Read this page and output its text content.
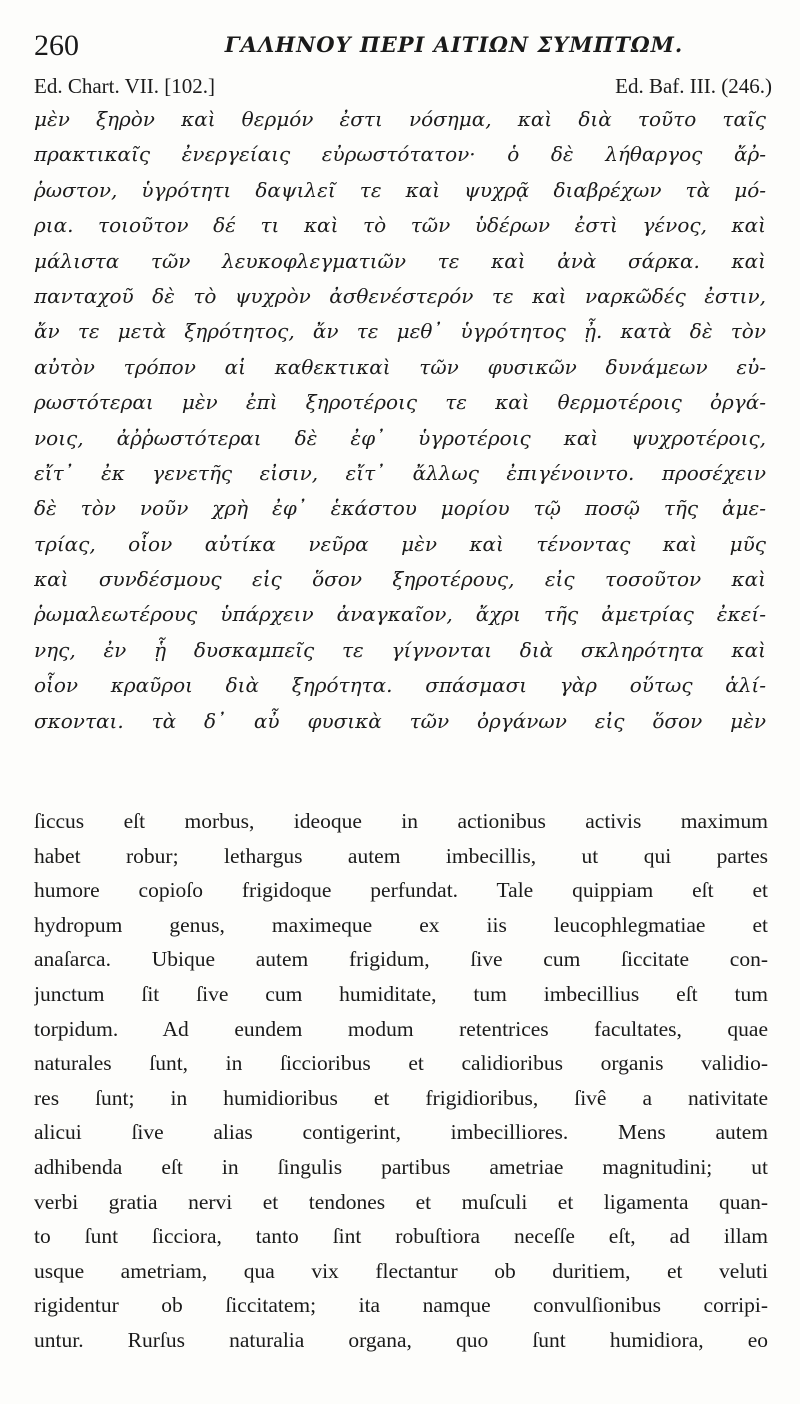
260	ΓΑΛΗΝΟΥ ΠΕΡΙ ΑΙΤΙΩΝ ΣΥΜΠΤΩΜ.
Ed. Chart. VII. [102.]	Ed. Baf. III. (246.)
μὲν ξηρὸν καὶ θερμόν ἐστι νόσημα, καὶ διὰ τοῦτο ταῖς
πρακτικαῖς ἐνεργείαις εὐρωστότατον· ὁ δὲ λήθαργος ἄῤ-
ῥωστον, ὑγρότητι δαψιλεῖ τε καὶ ψυχρᾷ διαβρέχων τὰ μό-
ρια. τοιοῦτον δέ τι καὶ τὸ τῶν ὑδέρων ἐστὶ γένος, καὶ
μάλιστα τῶν λευκοφλεγματιῶν τε καὶ ἀνὰ σάρκα. καὶ
πανταχοῦ δὲ τὸ ψυχρὸν ἀσθενέστερόν τε καὶ ναρκῶδές ἐστιν,
ἄν τε μετὰ ξηρότητος, ἄν τε μεθ᾽ ὑγρότητος ᾖ. κατὰ δὲ τὸν
αὐτὸν τρόπον αἱ καθεκτικαὶ τῶν φυσικῶν δυνάμεων εὐ-
ρωστότεραι μὲν ἐπὶ ξηροτέροις τε καὶ θερμοτέροις ὀργά-
νοις, ἀῤῥωστότεραι δὲ ἐφ᾽ ὑγροτέροις καὶ ψυχροτέροις,
εἴτ᾽ ἐκ γενετῆς εἰσιν, εἴτ᾽ ἄλλως ἐπιγένοιντο. προσέχειν
δὲ τὸν νοῦν χρὴ ἐφ᾽ ἑκάστου μορίου τῷ ποσῷ τῆς ἀμε-
τρίας, οἷον αὐτίκα νεῦρα μὲν καὶ τένοντας καὶ μῦς
καὶ συνδέσμους εἰς ὅσον ξηροτέρους, εἰς τοσοῦτον καὶ
ῥωμαλεωτέρους ὑπάρχειν ἀναγκαῖον, ἄχρι τῆς ἀμετρίας ἐκεί-
νης, ἐν ᾗ δυσκαμπεῖς τε γίγνονται διὰ σκληρότητα καὶ
οἷον κραῦροι διὰ ξηρότητα. σπάσμασι γὰρ οὕτως ἁλί-
σκονται. τὰ δ᾽ αὖ φυσικὰ τῶν ὀργάνων εἰς ὅσον μὲν
ſiccus eſt morbus, ideoque in actionibus activis maximum
habet robur; lethargus autem imbecillis, ut qui partes
humore copioſo frigidoque perfundat. Tale quippiam eſt et
hydropum genus, maximeque ex iis leucophlegmatiae et
anaſarca. Ubique autem frigidum, ſive cum ſiccitate con-
junctum ſit ſive cum humiditate, tum imbecillius eſt tum
torpidum. Ad eundem modum retentrices facultates, quae
naturales ſunt, in ſiccioribus et calidioribus organis validio-
res ſunt; in humidioribus et frigidioribus, ſivê a nativitate
alicui ſive alias contigerint, imbecilliores. Mens autem
adhibenda eſt in ſingulis partibus ametriae magnitudini; ut
verbi gratia nervi et tendones et muſculi et ligamenta quan-
to ſunt ſicciora, tanto ſint robuſtiora neceſſe eſt, ad illam
usque ametriam, qua vix flectantur ob duritiem, et veluti
rigidentur ob ſiccitatem; ita namque convulſionibus corripi-
untur. Rurſus naturalia organa, quo ſunt humidiora, eo
